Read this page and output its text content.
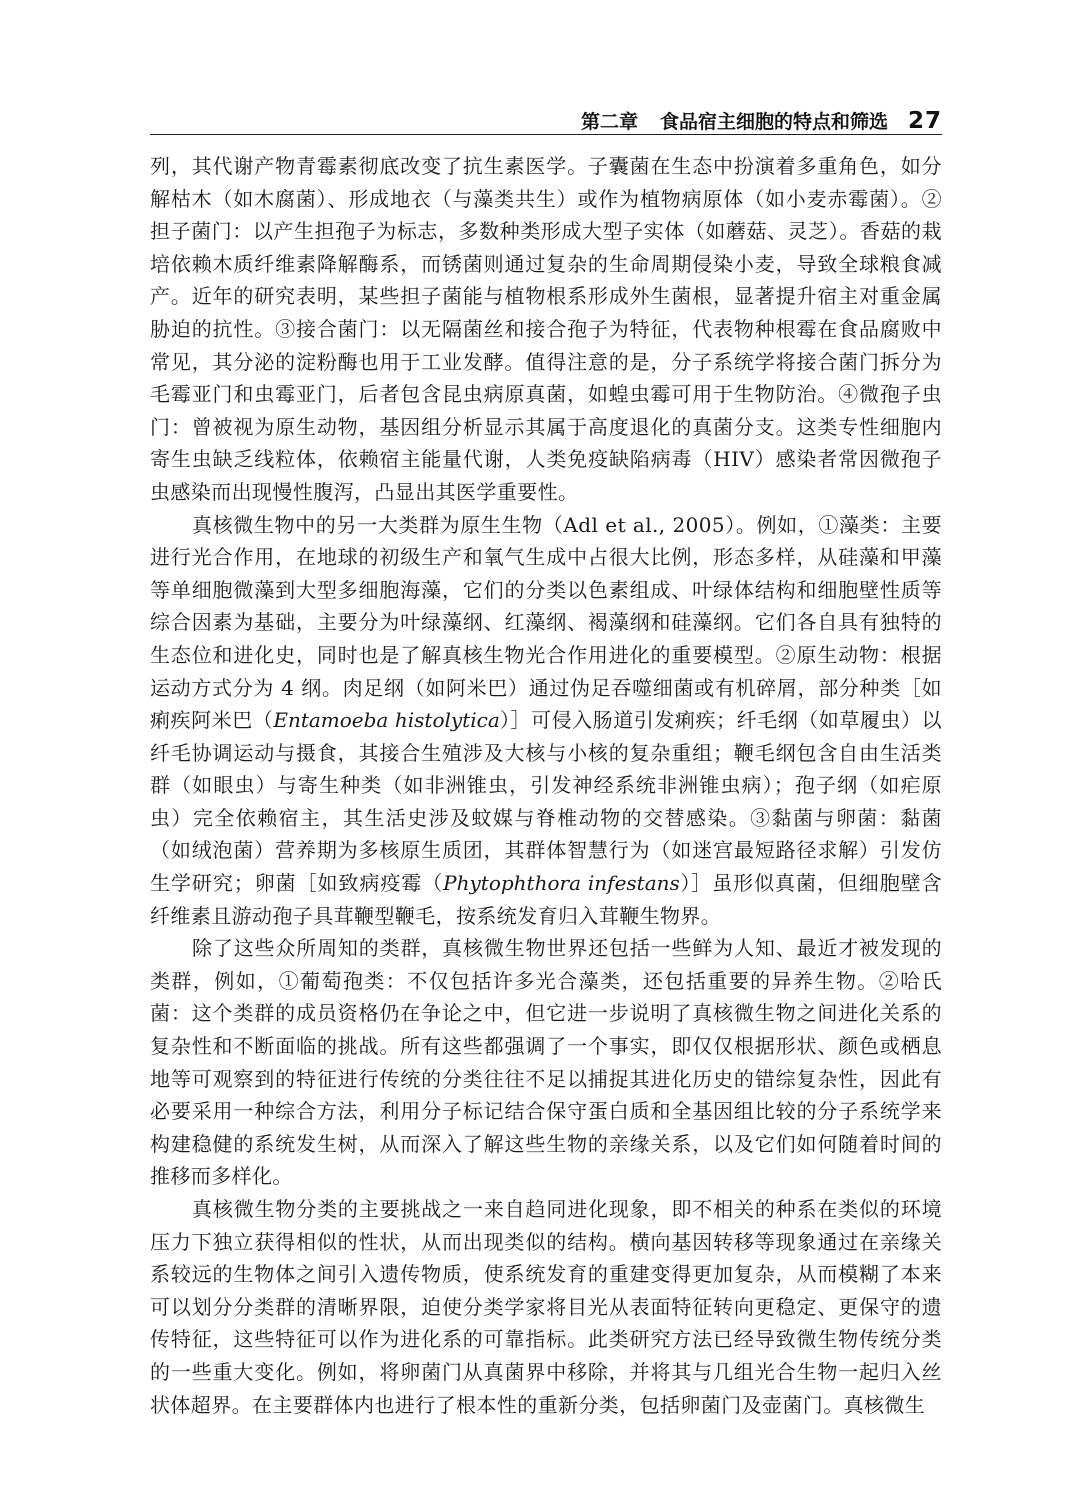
第二章 食品宿主细胞的特点和筛选 27

列，其代谢产物青霉素彻底改变了抗生素医学。子囊菌在生态中扮演着多重角色，如分解枯木（如木腐菌）、形成地衣（与藻类共生）或作为植物病原体（如小麦赤霉菌）。②担子菌门：以产生担孢子为标志，多数种类形成大型子实体（如蘑菇、灵芝）。香菇的栽培依赖木质纤维素降解酶系，而锈菌则通过复杂的生命周期侵染小麦，导致全球粮食减产。近年的研究表明，某些担子菌能与植物根系形成外生菌根，显著提升宿主对重金属胁迫的抗性。③接合菌门：以无隔菌丝和接合孢子为特征，代表物种根霉在食品腐败中常见，其分泌的淀粉酶也用于工业发酵。值得注意的是，分子系统学将接合菌门拆分为毛霉亚门和虫霉亚门，后者包含昆虫病原真菌，如蝗虫霉可用于生物防治。④微孢子虫门：曾被视为原生动物，基因组分析显示其属于高度退化的真菌分支。这类专性细胞内寄生虫缺乏线粒体，依赖宿主能量代谢，人类免疫缺陷病毒（HIV）感染者常因微孢子虫感染而出现慢性腹泻，凸显出其医学重要性。

真核微生物中的另一大类群为原生生物（Adl et al., 2005）。例如，①藻类：主要进行光合作用，在地球的初级生产和氧气生成中占很大比例，形态多样，从硅藻和甲藻等单细胞微藻到大型多细胞海藻，它们的分类以色素组成、叶绿体结构和细胞壁性质等综合因素为基础，主要分为叶绿藻纲、红藻纲、褐藻纲和硅藻纲。它们各自具有独特的生态位和进化史，同时也是了解真核生物光合作用进化的重要模型。②原生动物：根据运动方式分为 4 纲。肉足纲（如阿米巴）通过伪足吞噬细菌或有机碎屑，部分种类［如痢疾阿米巴（Entamoeba histolytica）］可侵入肠道引发痢疾；纤毛纲（如草履虫）以纤毛协调运动与摄食，其接合生殖涉及大核与小核的复杂重组；鞭毛纲包含自由生活类群（如眼虫）与寄生种类（如非洲锥虫，引发神经系统非洲锥虫病）；孢子纲（如疟原虫）完全依赖宿主，其生活史涉及蚊媒与脊椎动物的交替感染。③黏菌与卵菌：黏菌（如绒泡菌）营养期为多核原生质团，其群体智慧行为（如迷宫最短路径求解）引发仿生学研究；卵菌［如致病疫霉（Phytophthora infestans）］虽形似真菌，但细胞壁含纤维素且游动孢子具茸鞭型鞭毛，按系统发育归入茸鞭生物界。

除了这些众所周知的类群，真核微生物世界还包括一些鲜为人知、最近才被发现的类群，例如，①葡萄孢类：不仅包括许多光合藻类，还包括重要的异养生物。②哈氏菌：这个类群的成员资格仍在争论之中，但它进一步说明了真核微生物之间进化关系的复杂性和不断面临的挑战。所有这些都强调了一个事实，即仅仅根据形状、颜色或栖息地等可观察到的特征进行传统的分类往往不足以捕捉其进化历史的错综复杂性，因此有必要采用一种综合方法，利用分子标记结合保守蛋白质和全基因组比较的分子系统学来构建稳健的系统发生树，从而深入了解这些生物的亲缘关系，以及它们如何随着时间的推移而多样化。

真核微生物分类的主要挑战之一来自趋同进化现象，即不相关的种系在类似的环境压力下独立获得相似的性状，从而出现类似的结构。横向基因转移等现象通过在亲缘关系较远的生物体之间引入遗传物质，使系统发育的重建变得更加复杂，从而模糊了本来可以划分分类群的清晰界限，迫使分类学家将目光从表面特征转向更稳定、更保守的遗传特征，这些特征可以作为进化系的可靠指标。此类研究方法已经导致微生物传统分类的一些重大变化。例如，将卵菌门从真菌界中移除，并将其与几组光合生物一起归入丝状体超界。在主要群体内也进行了根本性的重新分类，包括卵菌门及壶菌门。真核微生
